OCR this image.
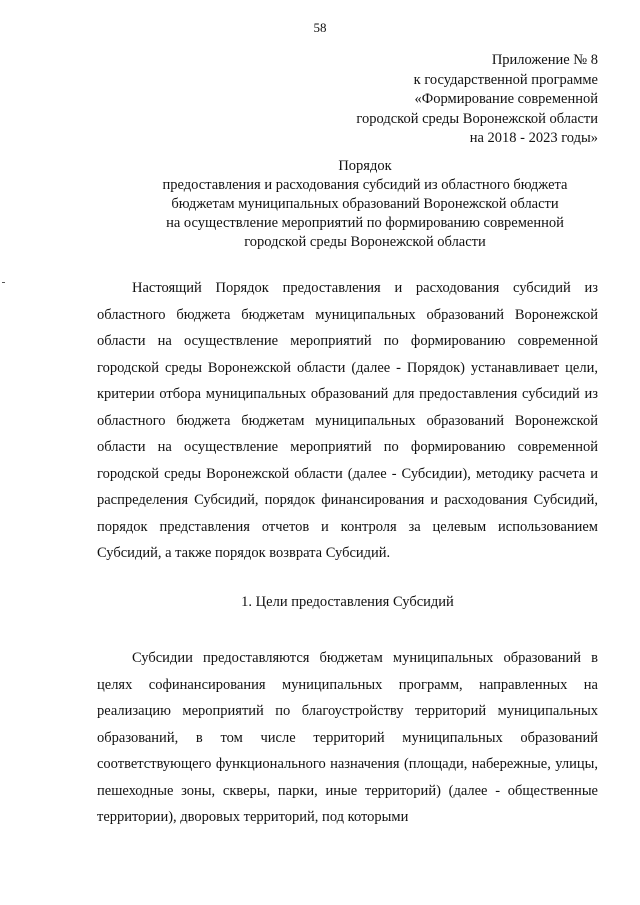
58
Приложение № 8
к государственной программе
«Формирование современной
городской среды Воронежской области
на 2018 - 2023 годы»
Порядок
предоставления и расходования субсидий из областного бюджета
бюджетам муниципальных образований Воронежской области
на осуществление мероприятий по формированию современной
городской среды Воронежской области

Настоящий Порядок предоставления и расходования субсидий из областного бюджета бюджетам муниципальных образований Воронежской области на осуществление мероприятий по формированию современной городской среды Воронежской области (далее - Порядок) устанавливает цели, критерии отбора муниципальных образований для предоставления субсидий из областного бюджета бюджетам муниципальных образований Воронежской области на осуществление мероприятий по формированию современной городской среды Воронежской области (далее - Субсидии), методику расчета и распределения Субсидий, порядок финансирования и расходования Субсидий, порядок представления отчетов и контроля за целевым использованием Субсидий, а также порядок возврата Субсидий.

1. Цели предоставления Субсидий

Субсидии предоставляются бюджетам муниципальных образований в целях софинансирования муниципальных программ, направленных на реализацию мероприятий по благоустройству территорий муниципальных образований, в том числе территорий муниципальных образований соответствующего функционального назначения (площади, набережные, улицы, пешеходные зоны, скверы, парки, иные территорий) (далее - общественные территории), дворовых территорий, под которыми
